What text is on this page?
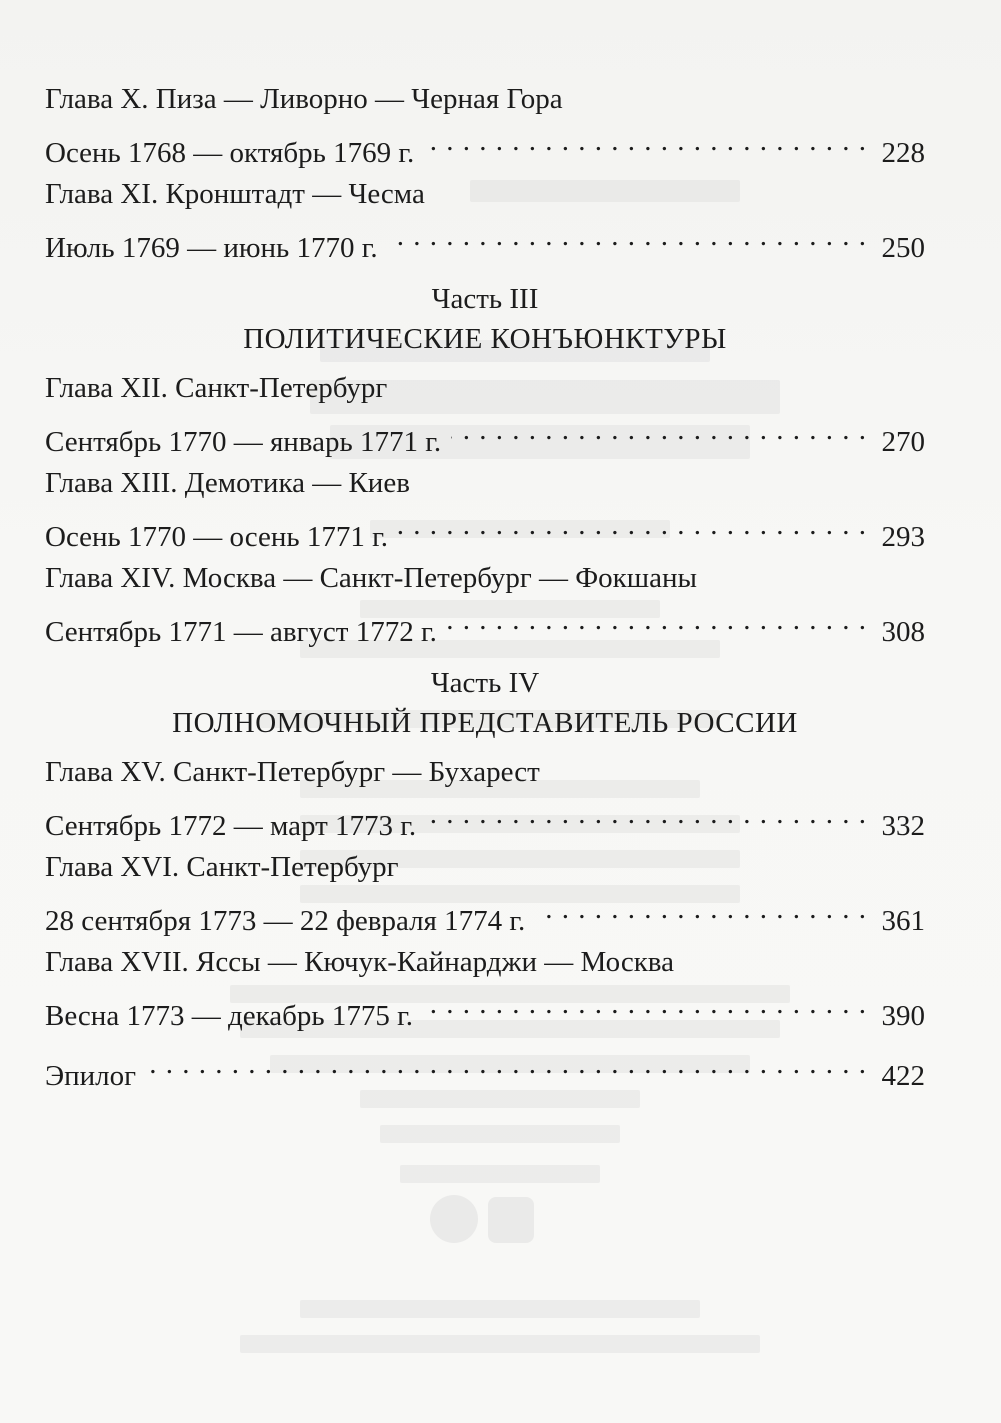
Глава X. Пиза — Ливорно — Черная Гора
Осень 1768 — октябрь 1769 г. . . .	228
Глава XI. Кронштадт — Чесма
Июль 1769 — июнь 1770 г. . . .	250
Часть III
ПОЛИТИЧЕСКИЕ КОНЪЮНКТУРЫ
Глава XII. Санкт-Петербург
Сентябрь 1770 — январь 1771 г. . . .	270
Глава XIII. Демотика — Киев
Осень 1770 — осень 1771 г. . . .	293
Глава XIV. Москва — Санкт-Петербург — Фокшаны
Сентябрь 1771 — август 1772 г. . . .	308
Часть IV
ПОЛНОМОЧНЫЙ ПРЕДСТАВИТЕЛЬ РОССИИ
Глава XV. Санкт-Петербург — Бухарест
Сентябрь 1772 — март 1773 г. . . .	332
Глава XVI. Санкт-Петербург
28 сентября 1773 — 22 февраля 1774 г. . . .	361
Глава XVII. Яссы — Кючук-Кайнарджи — Москва
Весна 1773 — декабрь 1775 г. . . .	390
Эпилог . . .	422
